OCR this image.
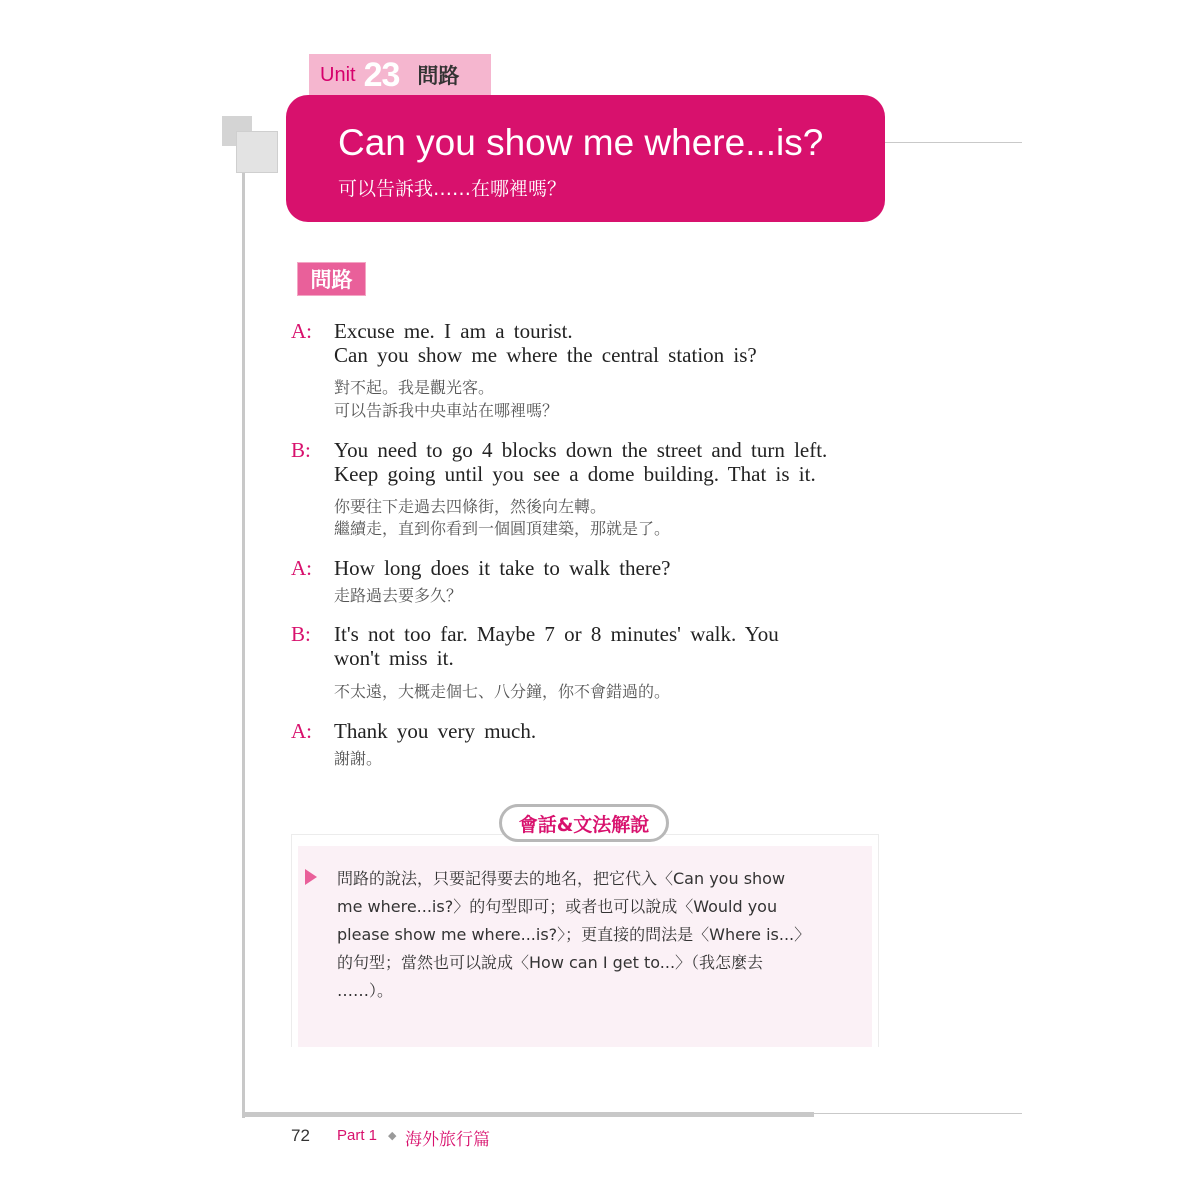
Unit 23 問路
Can you show me where...is?
可以告訴我……在哪裡嗎？
問路
A: Excuse me. I am a tourist.
Can you show me where the central station is?
對不起。我是觀光客。
可以告訴我中央車站在哪裡嗎？
B: You need to go 4 blocks down the street and turn left.
Keep going until you see a dome building. That is it.
你要往下走過去四條街，然後向左轉。
繼續走，直到你看到一個圓頂建築，那就是了。
A: How long does it take to walk there?
走路過去要多久？
B: It's not too far. Maybe 7 or 8 minutes' walk. You
won't miss it.
不太遠，大概走個七、八分鐘，你不會錯過的。
A: Thank you very much.
謝謝。
會話&文法解說
問路的說法，只要記得要去的地名，把它代入〈Can you show
me where...is?〉的句型即可；或者也可以說成〈Would you
please show me where...is?〉；更直接的問法是〈Where is...〉
的句型；當然也可以說成〈How can I get to...〉（我怎麼去
……）。
72 Part 1 ◆ 海外旅行篇
